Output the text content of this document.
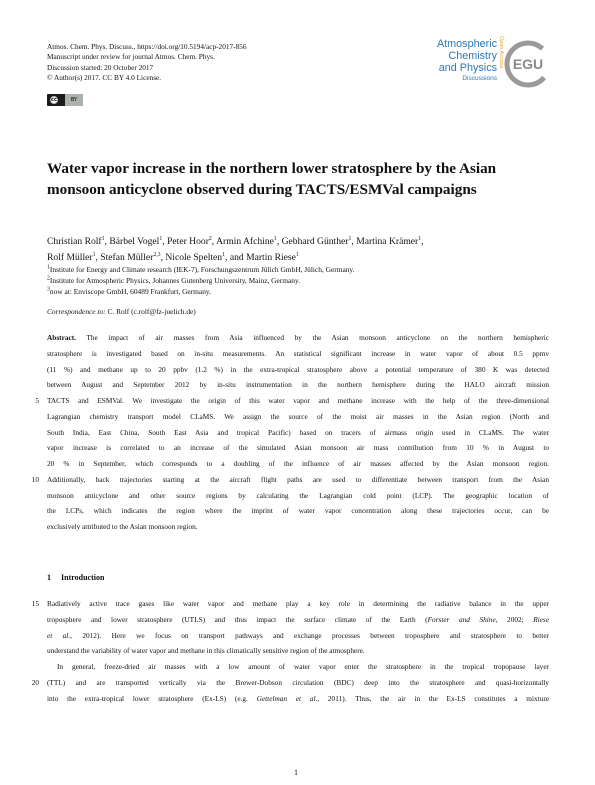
Atmos. Chem. Phys. Discuss., https://doi.org/10.5194/acp-2017-856
Manuscript under review for journal Atmos. Chem. Phys.
Discussion started: 20 October 2017
© Author(s) 2017. CC BY 4.0 License.
cc	BY
Atmospheric
Chemistry
and Physics
Discussions
Open Access EGU
Water vapor increase in the northern lower stratosphere by the Asian monsoon anticyclone observed during TACTS/ESMVal campaigns
Christian Rolf$^1$, Bärbel Vogel$^1$, Peter Hoor$^2$, Armin Afchine$^1$, Gebhard Günther$^1$, Martina Krämer$^1$,
Rolf Müller$^1$, Stefan Müller$^{2,3}$, Nicole Spelten$^1$, and Martin Riese$^1$
$^1$Institute for Energy and Climate research (IEK-7), Forschungszentrum Jülich GmbH, Jülich, Germany.
$^2$Institute for Atmospheric Physics, Johannes Gutenberg University, Mainz, Germany.
$^3$now at: Enviscope GmbH, 60489 Frankfurt, Germany.
Correspondence to: C. Rolf (c.rolf@fz-juelich.de)
Abstract. The impact of air masses from Asia influenced by the Asian monsoon anticyclone on the northern hemispheric
stratosphere is investigated based on in-situ measurements. An statistical significant increase in water vapor of about 0.5 ppmv
(11 %) and methane up to 20 ppbv (1.2 %) in the extra-tropical stratosphere above a potential temperature of 380 K was detected
between August and September 2012 by in-situ instrumentation in the northern hemisphere during the HALO aircraft mission
TACTS and ESMVal. We investigate the origin of this water vapor and methane increase with the help of the three-dimensional
Lagrangian chemistry transport model CLaMS. We assign the source of the moist air masses in the Asian region (North and
South India, East China, South East Asia and tropical Pacific) based on tracers of airmass origin used in CLaMS. The water
vapor increase is correlated to an increase of the simulated Asian monsoon air mass contribution from 10 % in August to
20 % in September, which corresponds to a doubling of the influence of air masses affected by the Asian monsoon region.
Additionally, back trajectories starting at the aircraft flight paths are used to differentiate between transport from the Asian
monsoon anticyclone and other source regions by calculating the Lagrangian cold point (LCP). The geographic location of
the LCPs, which indicates the region where the imprint of water vapor concentration along these trajectories occur, can be
exclusively attributed to the Asian monsoon region.
1 Introduction
Radiatively active trace gases like water vapor and methane play a key role in determining the radiative balance in the upper
troposphere and lower stratosphere (UTLS) and thus impact the surface climate of the Earth (Forster and Shine, 2002; Riese
et al., 2012). Here we focus on transport pathways and exchange processes between troposphere and stratosphere to better
understand the variability of water vapor and methane in this climatically sensitive region of the atmosphere.
In general, freeze-dried air masses with a low amount of water vapor enter the stratosphere in the tropical tropopause layer
(TTL) and are transported vertically via the Brewer-Dobson circulation (BDC) deep into the stratosphere and quasi-horizontally
into the extra-tropical lower stratosphere (Ex-LS) (e.g. Gettelman et al., 2011). Thus, the air in the Ex-LS constitutes a mixture
5
10
15
20
1
